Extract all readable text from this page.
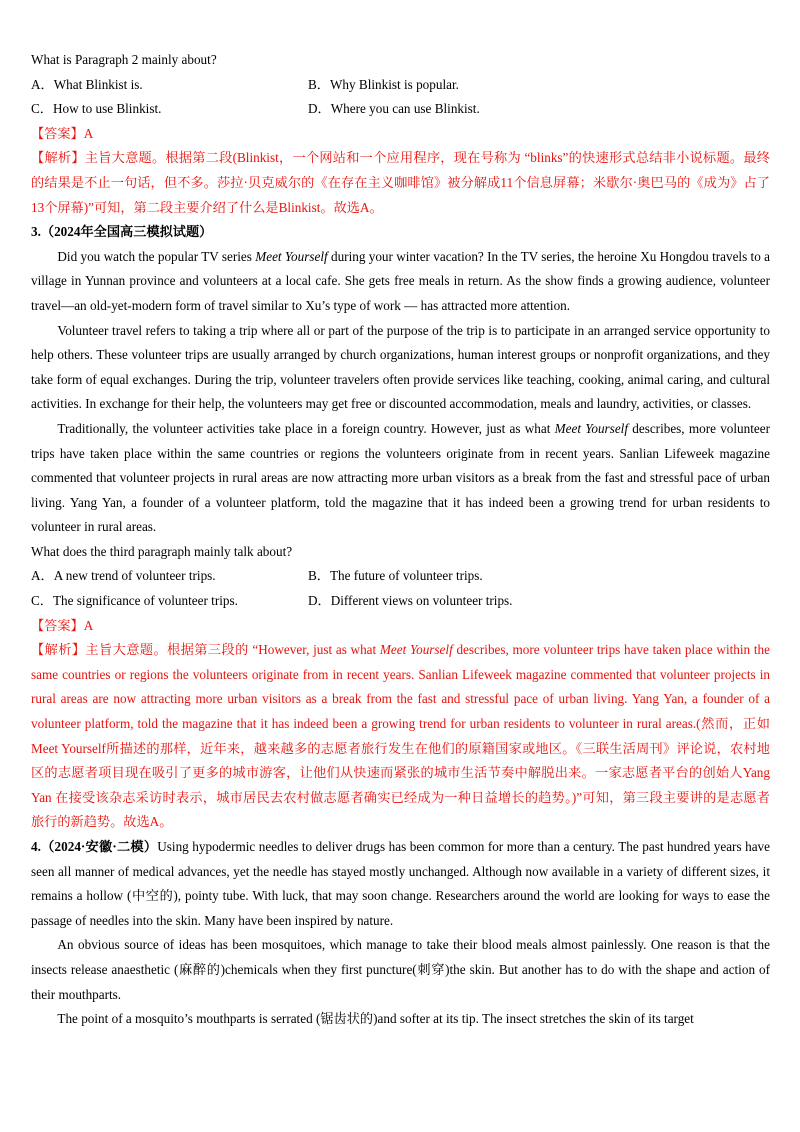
What is Paragraph 2 mainly about?
A．What Blinkist is.	B．Why Blinkist is popular.
C．How to use Blinkist.	D．Where you can use Blinkist.
【答案】A

【解析】主旨大意题。根据第二段(Blinkist，一个网站和一个应用程序，现在号称为 “blinks”的快速形式总结非小说标题。最终的结果是不止一句话，但不多。莎拉·贝克威尔的《在存在主义咖啡馆》被分解成11个信息屏幕；米歇尔·奥巴马的《成为》占了13个屏幕)”可知，第二段主要介绍了什么是Blinkist。故选A。

3.（2024年全国高三模拟试题）

Did you watch the popular TV series Meet Yourself during your winter vacation? In the TV series, the heroine Xu Hongdou travels to a village in Yunnan province and volunteers at a local cafe. She gets free meals in return. As the show finds a growing audience, volunteer travel—an old-yet-modern form of travel similar to Xu’s type of work — has attracted more attention.

Volunteer travel refers to taking a trip where all or part of the purpose of the trip is to participate in an arranged service opportunity to help others. These volunteer trips are usually arranged by church organizations, human interest groups or nonprofit organizations, and they take form of equal exchanges. During the trip, volunteer travelers often provide services like teaching, cooking, animal caring, and cultural activities. In exchange for their help, the volunteers may get free or discounted accommodation, meals and laundry, activities, or classes.

Traditionally, the volunteer activities take place in a foreign country. However, just as what Meet Yourself describes, more volunteer trips have taken place within the same countries or regions the volunteers originate from in recent years. Sanlian Lifeweek magazine commented that volunteer projects in rural areas are now attracting more urban visitors as a break from the fast and stressful pace of urban living. Yang Yan, a founder of a volunteer platform, told the magazine that it has indeed been a growing trend for urban residents to volunteer in rural areas.

What does the third paragraph mainly talk about?
A．A new trend of volunteer trips.	B．The future of volunteer trips.
C．The significance of volunteer trips.	D．Different views on volunteer trips.
【答案】A

【解析】主旨大意题。根据第三段的 “However, just as what Meet Yourself describes, more volunteer trips have taken place within the same countries or regions the volunteers originate from in recent years. Sanlian Lifeweek magazine commented that volunteer projects in rural areas are now attracting more urban visitors as a break from the fast and stressful pace of urban living. Yang Yan, a founder of a volunteer platform, told the magazine that it has indeed been a growing trend for urban residents to volunteer in rural areas.(然而，正如Meet Yourself所描述的那样，近年来，越来越多的志愿者旅行发生在他们的原籍国家或地区。《三联生活周刊》评论说，农村地区的志愿者项目现在吸引了更多的城市游客，让他们从快速而紧张的城市生活节奏中解脱出来。一家志愿者平台的创始人Yang Yan 在接受该杂志采访时表示，城市居民去农村做志愿者确实已经成为一种日益增长的趋势。)”可知，第三段主要讲的是志愿者旅行的新趋势。故选A。

4.（2024·安徽·二模）Using hypodermic needles to deliver drugs has been common for more than a century. The past hundred years have seen all manner of medical advances, yet the needle has stayed mostly unchanged. Although now available in a variety of different sizes, it remains a hollow (中空的), pointy tube. With luck, that may soon change. Researchers around the world are looking for ways to ease the passage of needles into the skin. Many have been inspired by nature.

An obvious source of ideas has been mosquitoes, which manage to take their blood meals almost painlessly. One reason is that the insects release anaesthetic (麻醉的)chemicals when they first puncture(刺穿)the skin. But another has to do with the shape and action of their mouthparts.

The point of a mosquito’s mouthparts is serrated (锯齿状的)and softer at its tip. The insect stretches the skin of its target
